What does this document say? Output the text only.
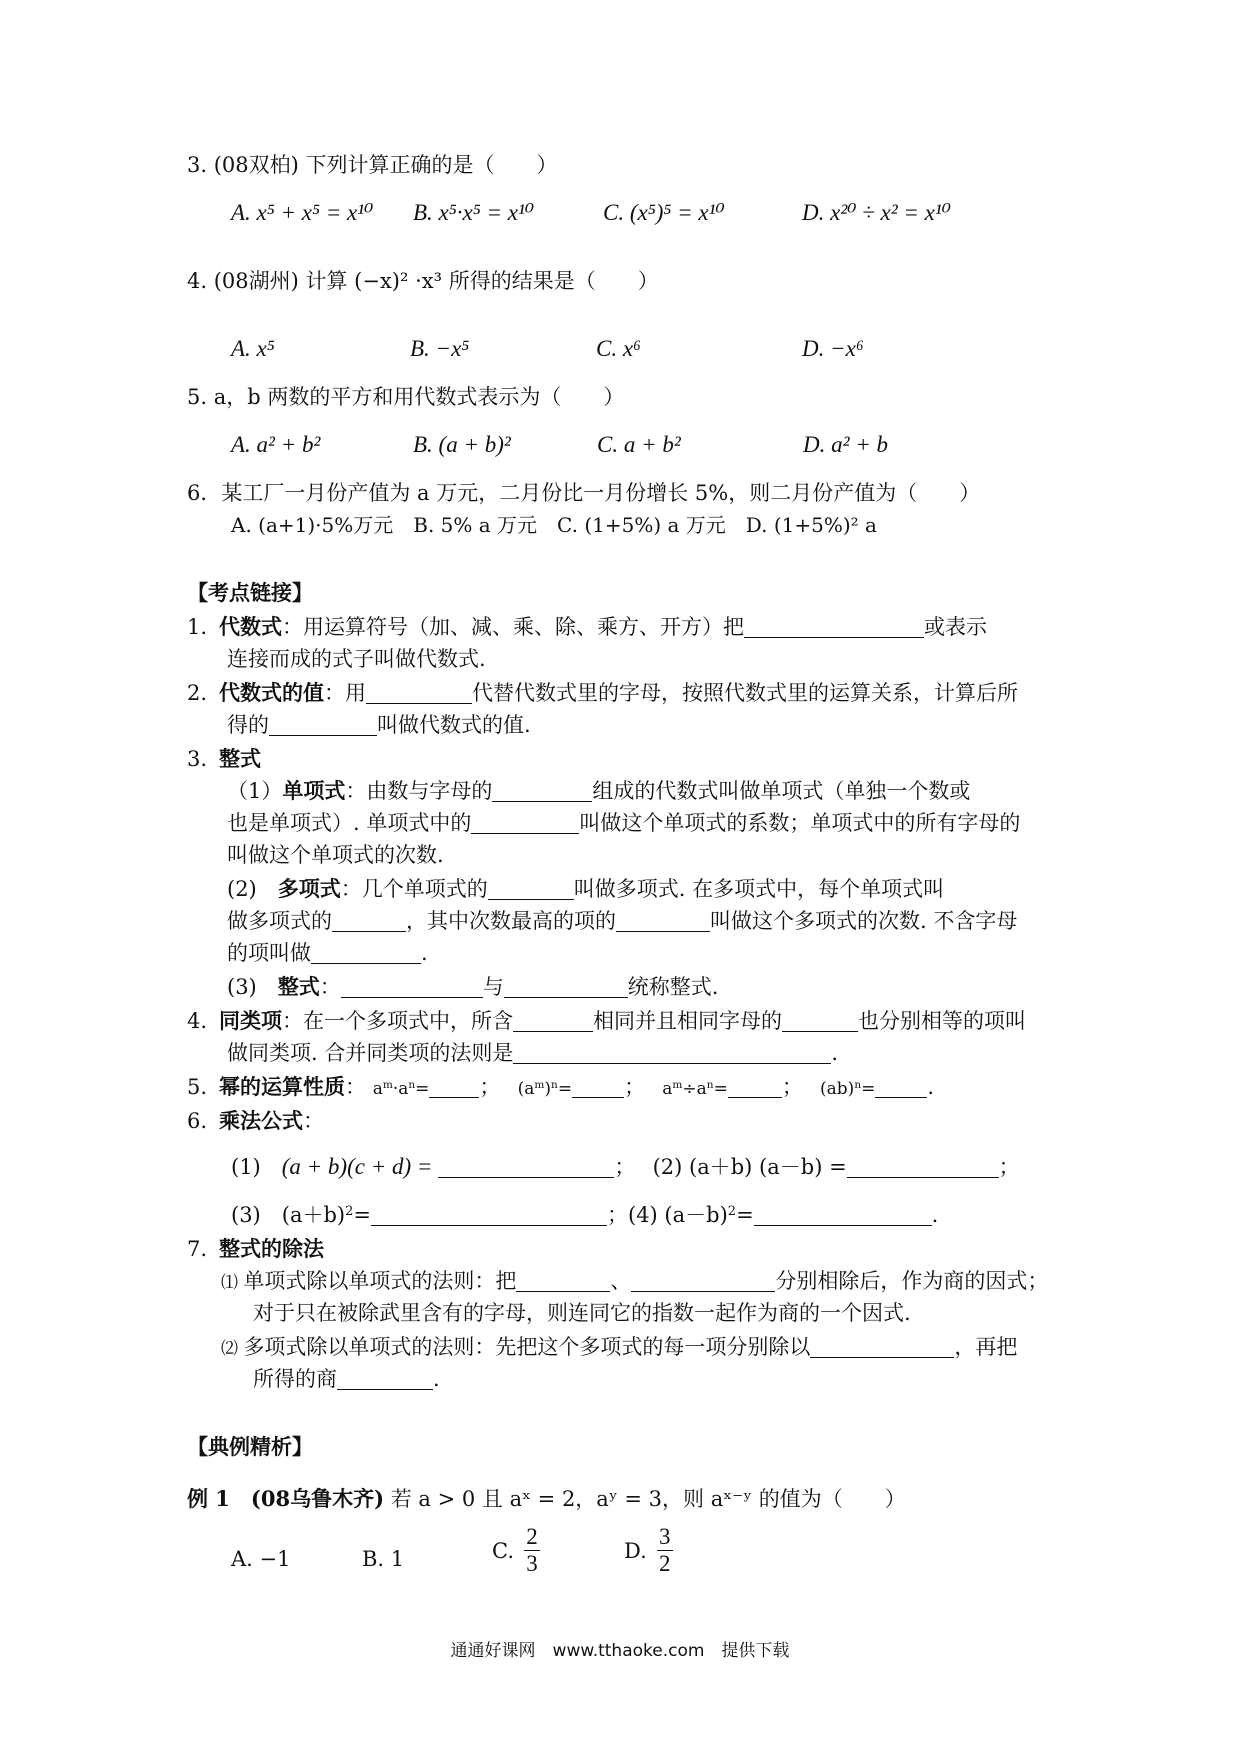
3. (08双柏) 下列计算正确的是（　　）
A. x⁵ + x⁵ = x¹⁰ B. x⁵·x⁵ = x¹⁰	C. (x⁵)⁵ = x¹⁰	D. x²⁰ ÷ x² = x¹⁰
4. (08湖州) 计算 (−x)² ·x³ 所得的结果是（　　）
A. x⁵	B. −x⁵	C. x⁶	D. −x⁶
5. a，b 两数的平方和用代数式表示为（　　）
A. a² + b²	B. (a + b)²	C. a + b²	D. a² + b
6．某工厂一月份产值为 a 万元，二月份比一月份增长 5%，则二月份产值为（　　）
A. (a+1)·5%万元　B. 5% a 万元　C. (1+5%) a 万元　D. (1+5%)² a
【考点链接】
1. 代数式：用运算符号（加、减、乘、除、乘方、开方）把	或表示
连接而成的式子叫做代数式.
2. 代数式的值：用	代替代数式里的字母，按照代数式里的运算关系，计算后所
得的	叫做代数式的值.
3. 整式
（1）单项式：由数与字母的	组成的代数式叫做单项式（单独一个数或
也是单项式）. 单项式中的	叫做这个单项式的系数；单项式中的所有字母的
叫做这个单项式的次数.
(2)　多项式：几个单项式的	叫做多项式. 在多项式中，每个单项式叫
做多项式的	，其中次数最高的项的	叫做这个多项式的次数. 不含字母
的项叫做	.
(3)　整式：	与	统称整式.
4. 同类项：在一个多项式中，所含	相同并且相同字母的	也分别相等的项叫
做同类项. 合并同类项的法则是	.
5. 幂的运算性质： $a^m\cdot a^n=$ ；　 $(a^m)^n=$ ；　 $a^m\div a^n=$	；　 (ab)$^n$= .
6. 乘法公式：
(1)　(a + b)(c + d) =	；　 (2) (a＋b) (a－b) =	；
(3)　$(a+b)^2=$	；(4) $(a-b)^2=$	.
7. 整式的除法
⑴ 单项式除以单项式的法则：把	、	分别相除后，作为商的因式；
对于只在被除武里含有的字母，则连同它的指数一起作为商的一个因式.
⑵ 多项式除以单项式的法则：先把这个多项式的每一项分别除以	，再把
所得的商	.
【典例精析】
例 1　(08乌鲁木齐) 若 a > 0 且 aˣ = 2，aʸ = 3，则 aˣ⁻ʸ 的值为（　　）
A. −1	B. 1	C. $\frac{2}{3}$	D. $\frac{3}{2}$
通通好课网　www.tthaoke.com　提供下载
